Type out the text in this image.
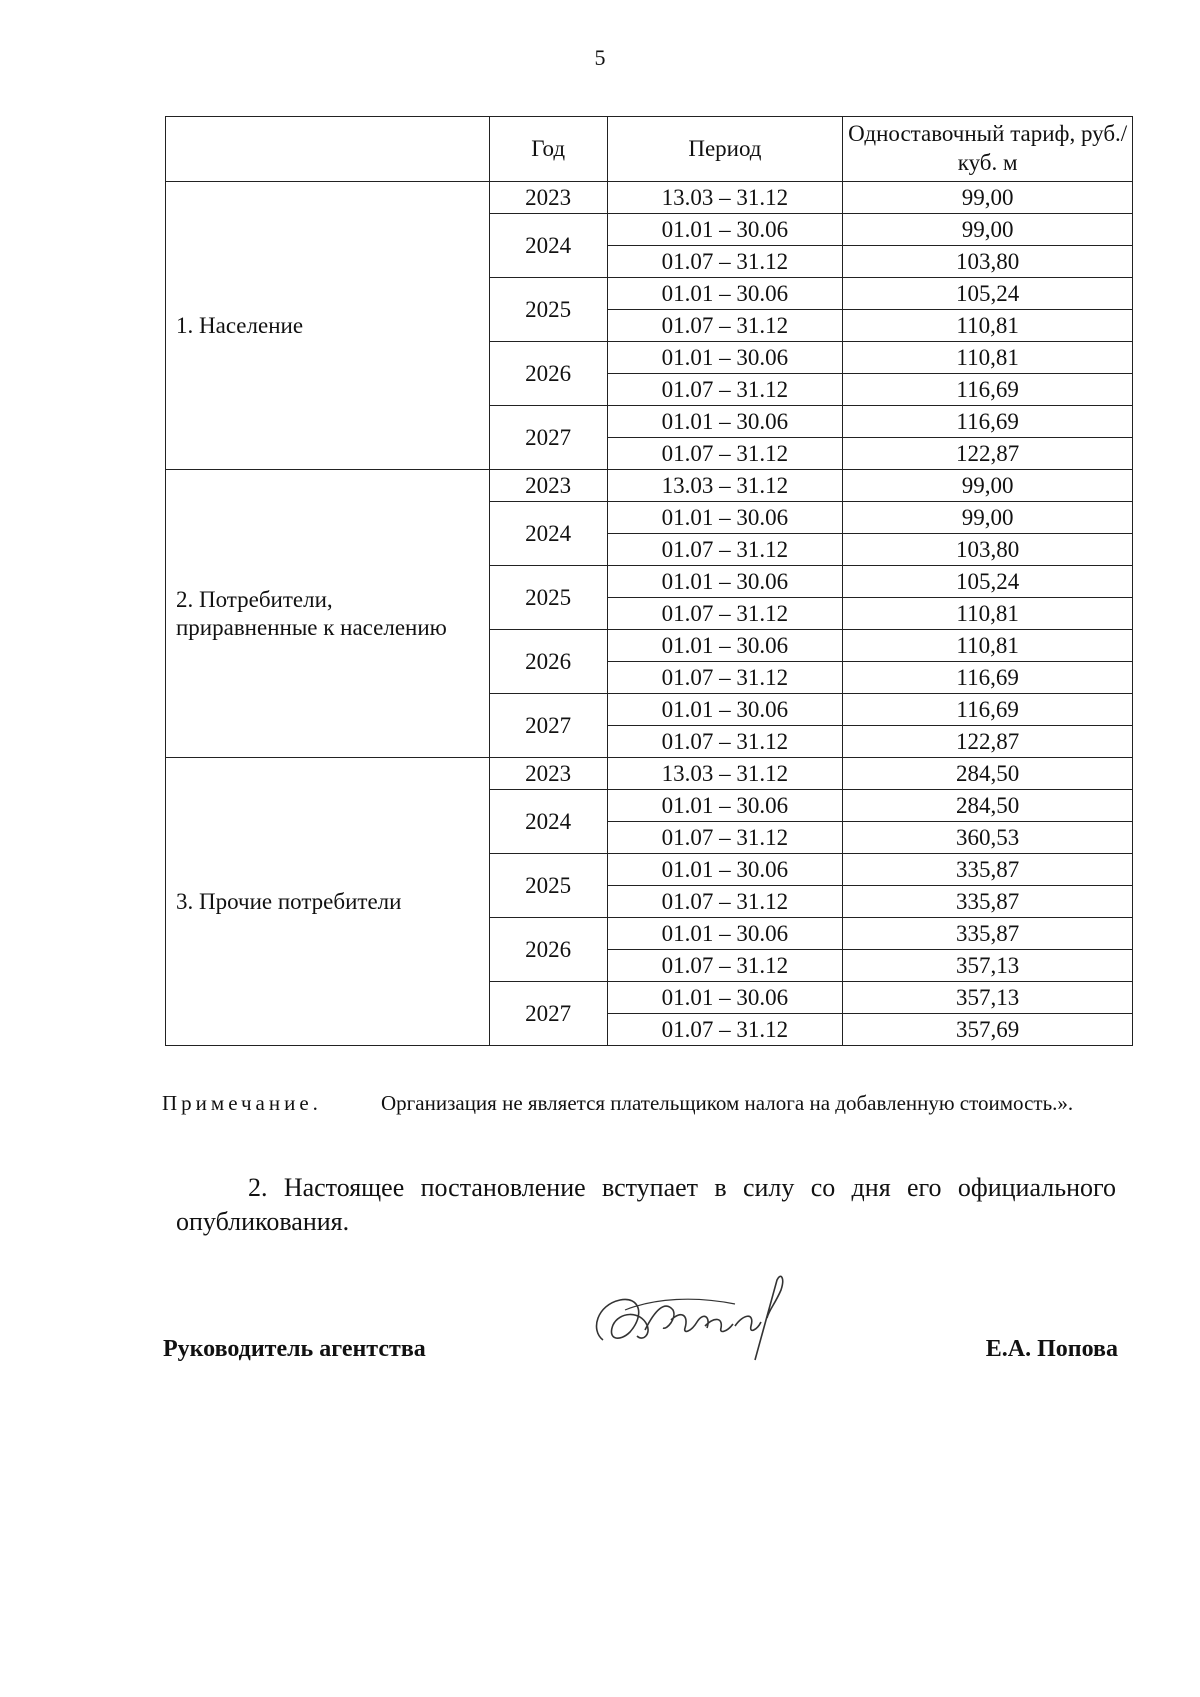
5
	Год	Период	Одноставочный тариф, руб./куб. м
1. Население	2023	13.03 – 31.12	99,00
	2024	01.01 – 30.06	99,00
		01.07 – 31.12	103,80
	2025	01.01 – 30.06	105,24
		01.07 – 31.12	110,81
	2026	01.01 – 30.06	110,81
		01.07 – 31.12	116,69
	2027	01.01 – 30.06	116,69
		01.07 – 31.12	122,87
2. Потребители, приравненные к населению	2023	13.03 – 31.12	99,00
	2024	01.01 – 30.06	99,00
		01.07 – 31.12	103,80
	2025	01.01 – 30.06	105,24
		01.07 – 31.12	110,81
	2026	01.01 – 30.06	110,81
		01.07 – 31.12	116,69
	2027	01.01 – 30.06	116,69
		01.07 – 31.12	122,87
3. Прочие потребители	2023	13.03 – 31.12	284,50
	2024	01.01 – 30.06	284,50
		01.07 – 31.12	360,53
	2025	01.01 – 30.06	335,87
		01.07 – 31.12	335,87
	2026	01.01 – 30.06	335,87
		01.07 – 31.12	357,13
	2027	01.01 – 30.06	357,13
		01.07 – 31.12	357,69
Примечание.	Организация не является плательщиком налога на добавленную стоимость.».
2. Настоящее постановление вступает в силу со дня его официального опубликования.
Руководитель агентства	Е.А. Попова
